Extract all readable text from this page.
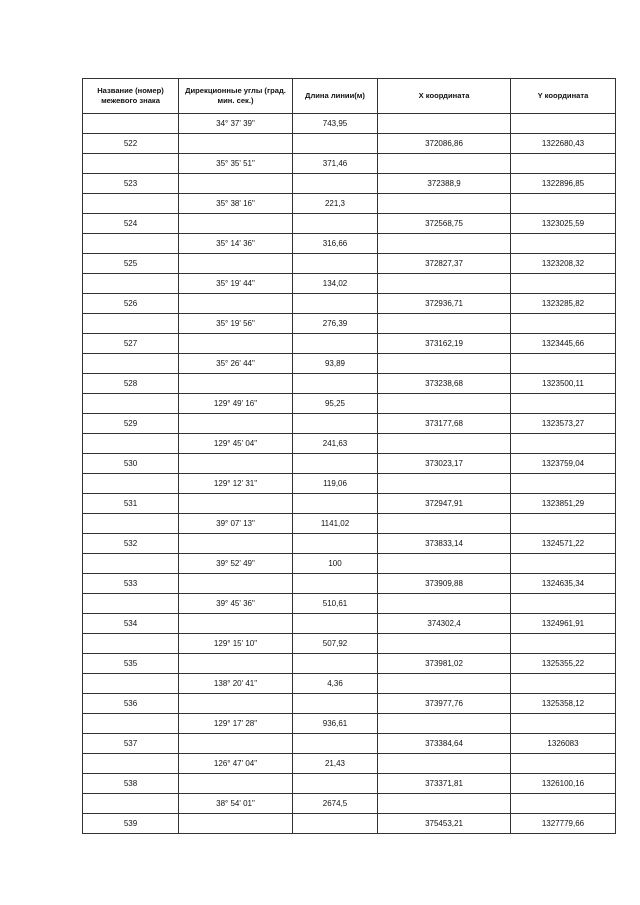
Название (номер) межевого знака	Дирекционные углы (град. мин. сек.)	Длина линии(м)	X координата	Y координата
	34° 37' 39"	743,95		
522			372086,86	1322680,43
	35° 35' 51"	371,46		
523			372388,9	1322896,85
	35° 38' 16"	221,3		
524			372568,75	1323025,59
	35° 14' 36"	316,66		
525			372827,37	1323208,32
	35° 19' 44"	134,02		
526			372936,71	1323285,82
	35° 19' 56"	276,39		
527			373162,19	1323445,66
	35° 26' 44"	93,89		
528			373238,68	1323500,11
	129° 49' 16"	95,25		
529			373177,68	1323573,27
	129° 45' 04"	241,63		
530			373023,17	1323759,04
	129° 12' 31"	119,06		
531			372947,91	1323851,29
	39° 07' 13"	1141,02		
532			373833,14	1324571,22
	39° 52' 49"	100		
533			373909,88	1324635,34
	39° 45' 36"	510,61		
534			374302,4	1324961,91
	129° 15' 10"	507,92		
535			373981,02	1325355,22
	138° 20' 41"	4,36		
536			373977,76	1325358,12
	129° 17' 28"	936,61		
537			373384,64	1326083
	126° 47' 04"	21,43		
538			373371,81	1326100,16
	38° 54' 01"	2674,5		
539			375453,21	1327779,66
